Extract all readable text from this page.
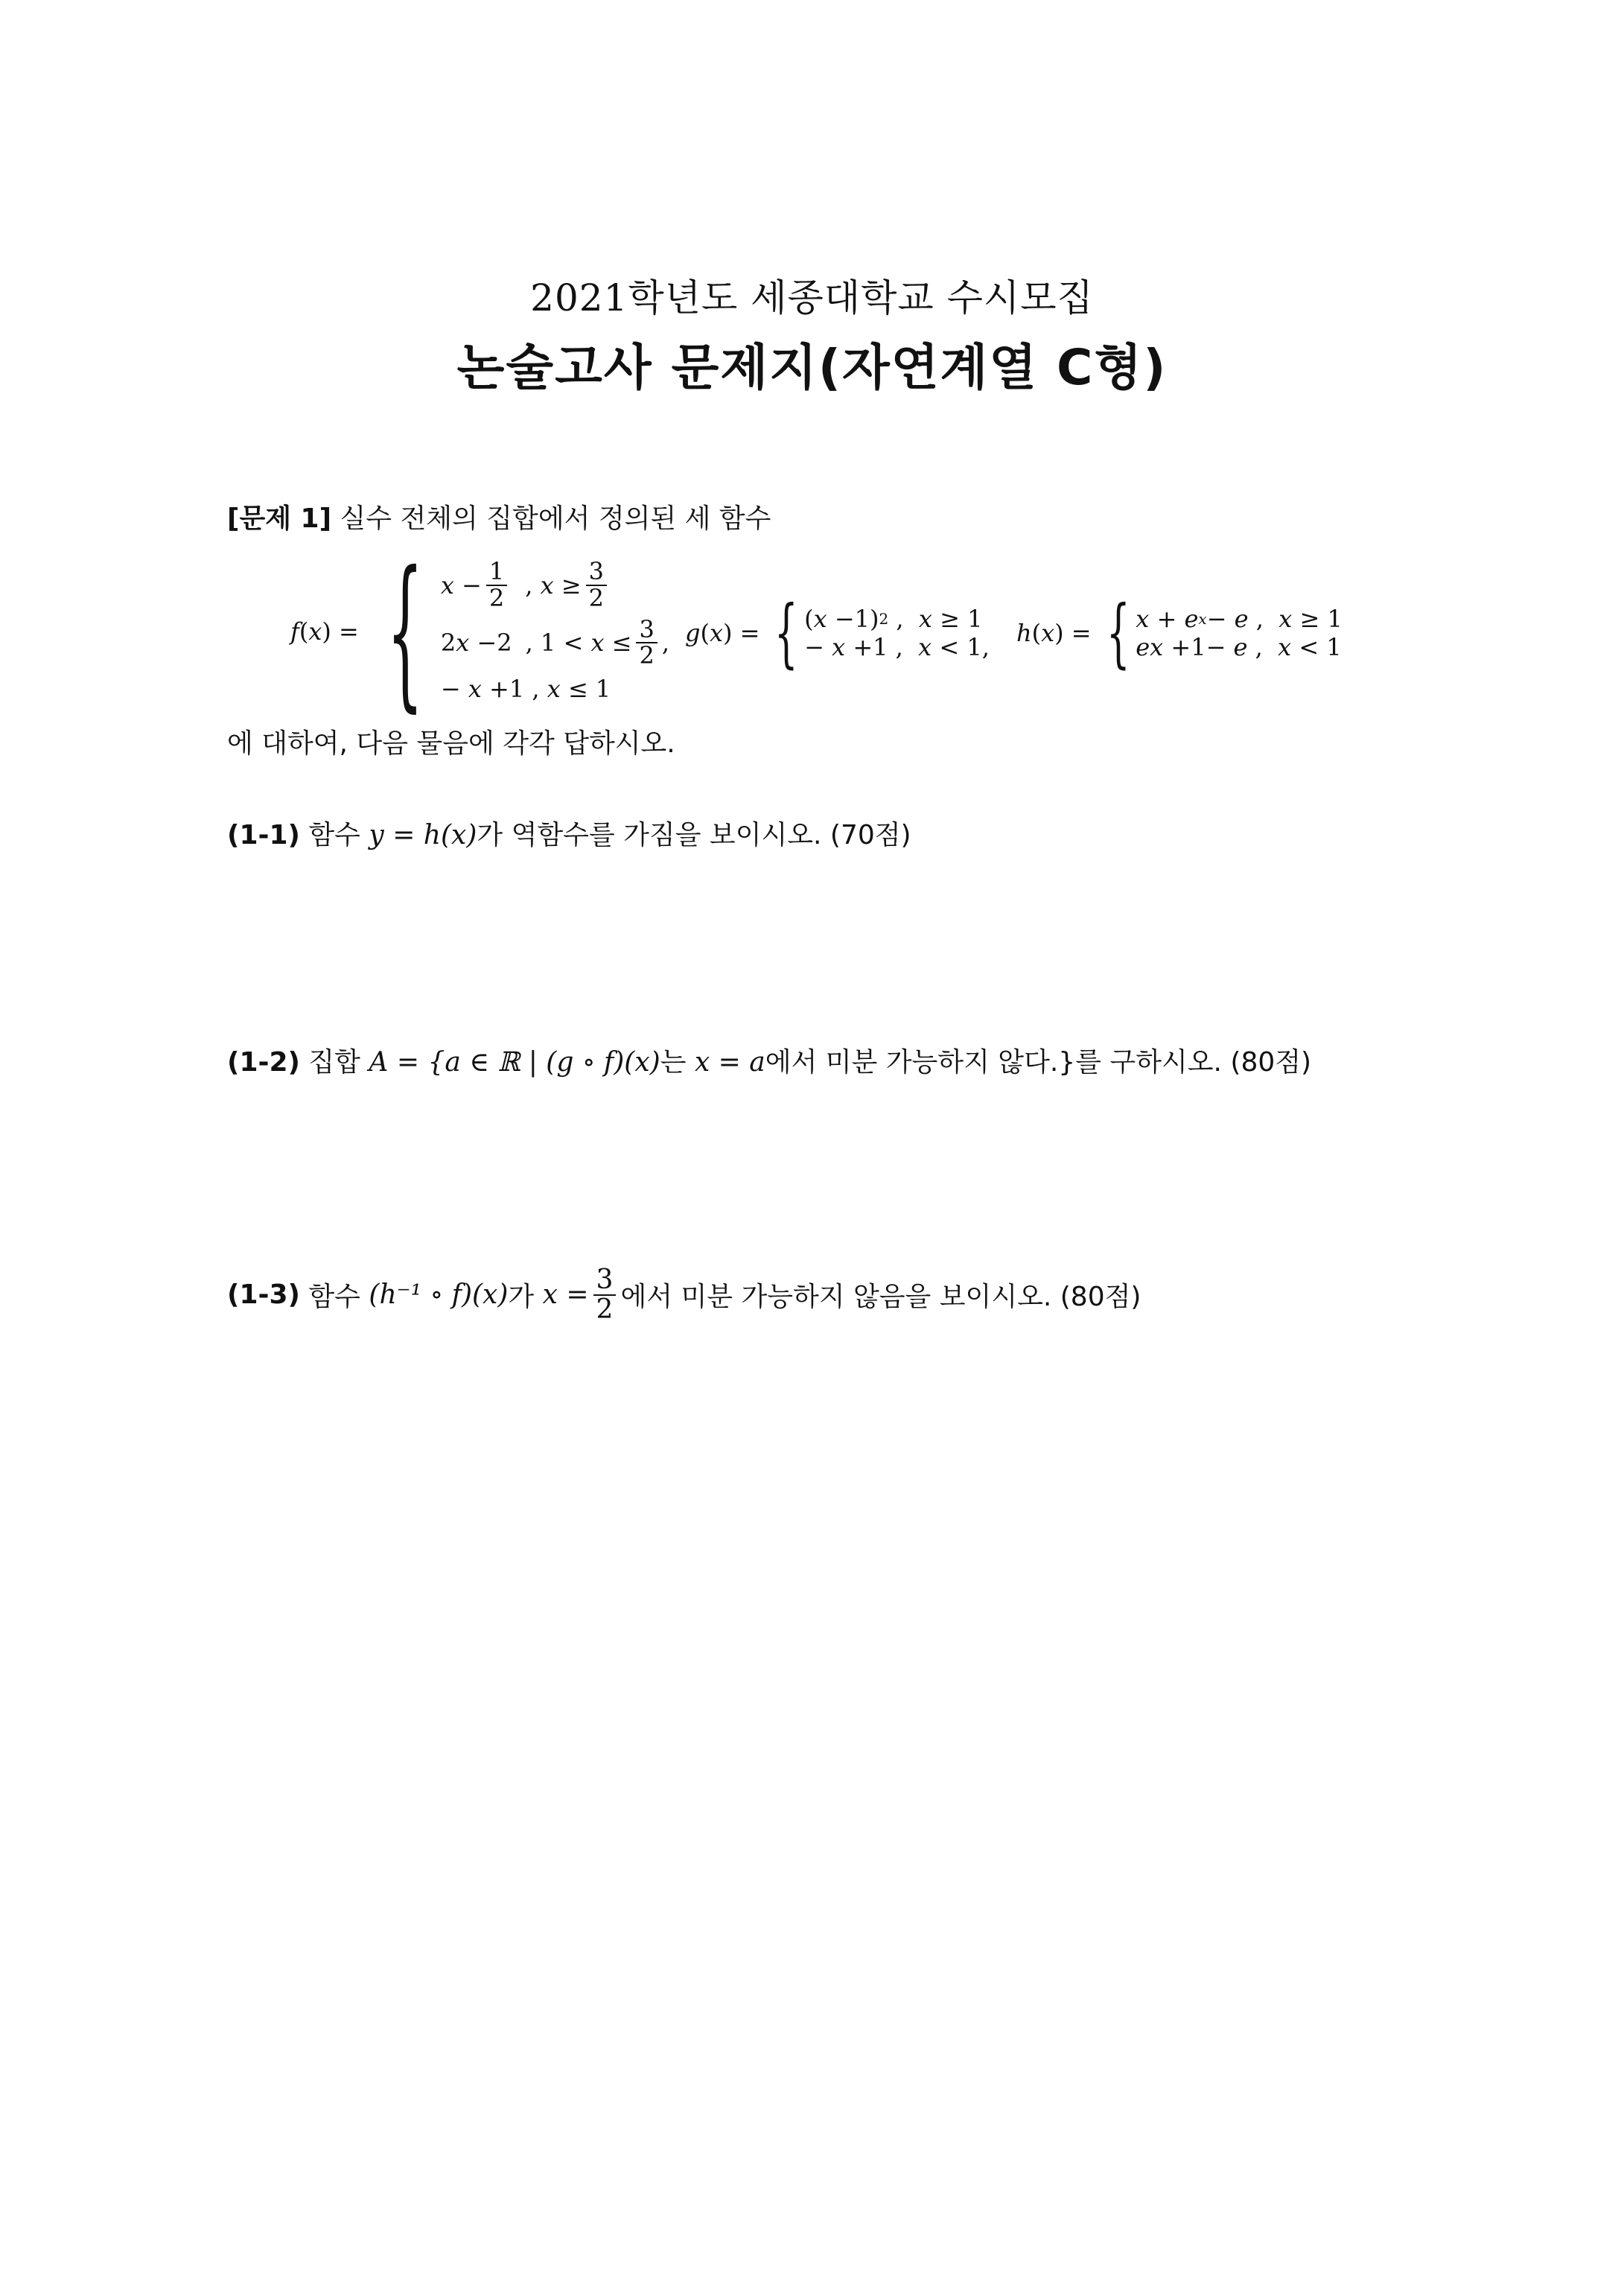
2021학년도 세종대학교 수시모집
논술고사 문제지(자연계열 C형)
[문제 1] 실수 전체의 집합에서 정의된 세 함수
f(x) = { $x - \frac{1}{2}$ , $x \ge \frac{3}{2}$
2 x − 2 ,
$1 < x \le \frac{3}{2}$ ,
− x + 1 , x ≤ 1
g(x) = { ( x − 1) 2 , x ≥ 1
− x + 1 , x < 1, h(x) = { x + e x − e , x ≥ 1
ex + 1 − e , x < 1
에 대하여, 다음 물음에 각각 답하시오.
(1-1) 함수 y = h(x)가 역함수를 가짐을 보이시오. (70점)
(1-2) 집합 A = {a ∈ ℝ | (g ∘ f)(x)는 x = a에서 미분 가능하지 않다.}를 구하시오. (80점)
(1-3)
함수
(h⁻¹ ∘ f)(x) 가
$x = \frac{3}{2}$ 에서 미분 가능하지 않음을 보이시오. (80점)
